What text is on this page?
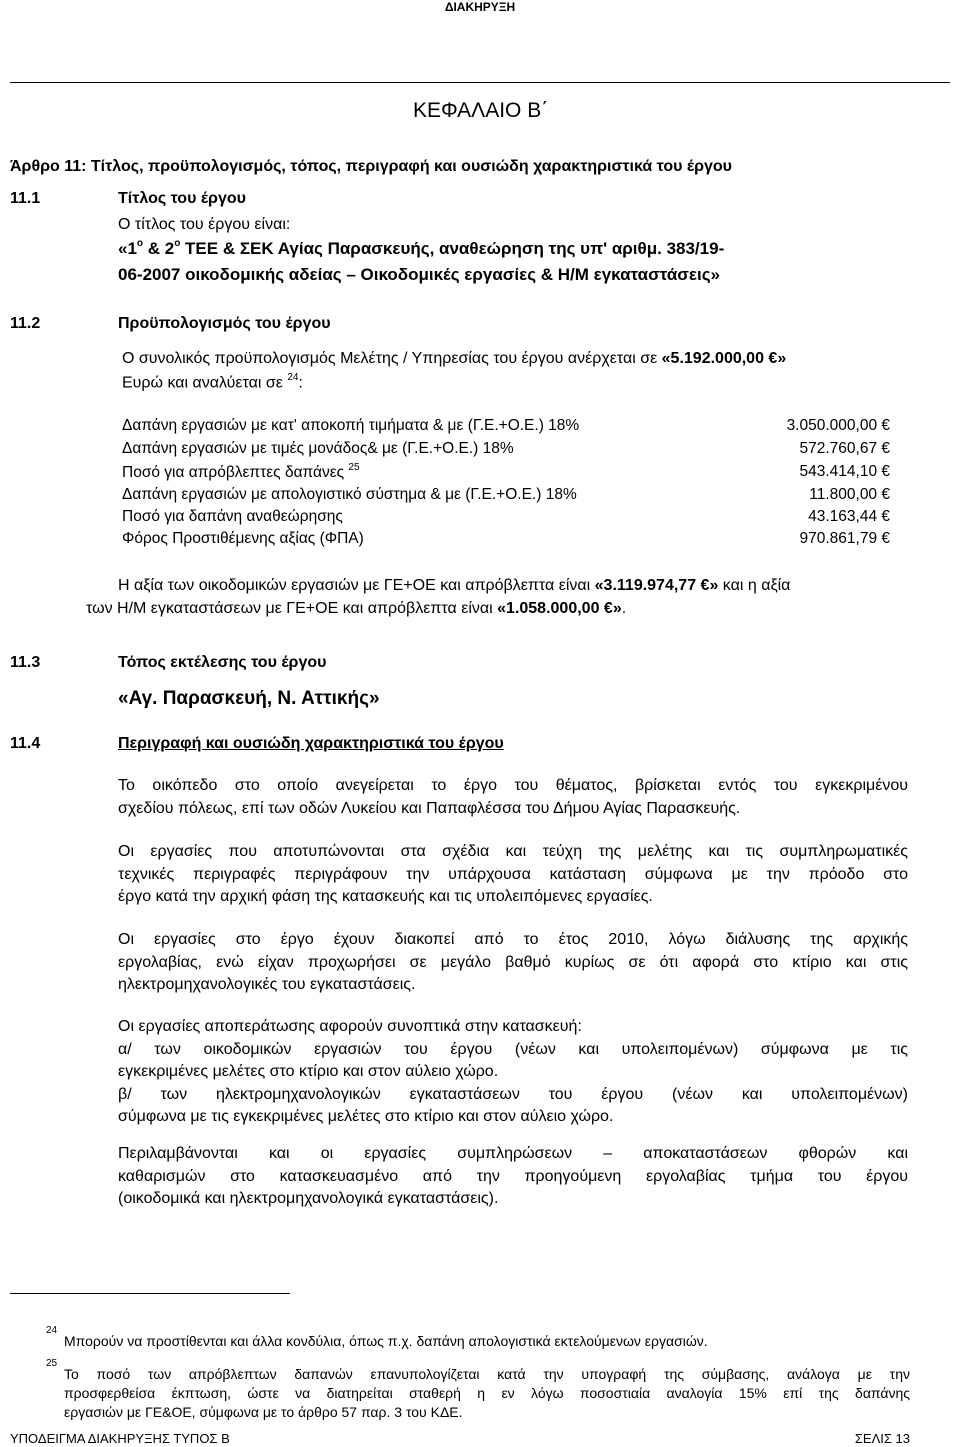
ΔΙΑΚΗΡΥΞΗ
ΚΕΦΑΛΑΙΟ Β΄
Άρθρο 11: Τίτλος, προϋπολογισμός, τόπος, περιγραφή και ουσιώδη χαρακτηριστικά του έργου
11.1	Τίτλος του έργου
Ο τίτλος του έργου είναι:
«$1^o$ & $2^o$ ΤΕΕ & ΣΕΚ Αγίας Παρασκευής, αναθεώρηση της υπ' αριθμ. 383/19-
06-2007 οικοδομικής αδείας – Οικοδομικές εργασίες & Η/Μ εγκαταστάσεις»
11.2	Προϋπολογισμός του έργου
Ο συνολικός προϋπολογισμός Μελέτης / Υπηρεσίας του έργου ανέρχεται σε «5.192.000,00 €»
Ευρώ και αναλύεται σε $^{24}$:
Δαπάνη εργασιών με κατ' αποκοπή τιμήματα & με (Γ.Ε.+Ο.Ε.) 18%	3.050.000,00 €
Δαπάνη εργασιών με τιμές μονάδος& με (Γ.Ε.+Ο.Ε.) 18%	572.760,67 €
Ποσό για απρόβλεπτες δαπάνες $^{25}$	543.414,10 €
Δαπάνη εργασιών με απολογιστικό σύστημα & με (Γ.Ε.+Ο.Ε.) 18%	11.800,00 €
Ποσό για δαπάνη αναθεώρησης	43.163,44 €
Φόρος Προστιθέμενης αξίας (ΦΠΑ)	970.861,79 €
Η αξία των οικοδομικών εργασιών με ΓΕ+ΟΕ και απρόβλεπτα είναι «3.119.974,77 €» και η αξία
των Η/Μ εγκαταστάσεων με ΓΕ+ΟΕ και απρόβλεπτα είναι «1.058.000,00 €».
11.3	Τόπος εκτέλεσης του έργου
«Αγ. Παρασκευή, Ν. Αττικής»
11.4	Περιγραφή και ουσιώδη χαρακτηριστικά του έργου
Το οικόπεδο στο οποίο ανεγείρεται το έργο του θέματος, βρίσκεται εντός του εγκεκριμένου
σχεδίου πόλεως, επί των οδών Λυκείου και Παπαφλέσσα του Δήμου Αγίας Παρασκευής.
Οι εργασίες που αποτυπώνονται στα σχέδια και τεύχη της μελέτης και τις συμπληρωματικές
τεχνικές περιγραφές περιγράφουν την υπάρχουσα κατάσταση σύμφωνα με την πρόοδο στο
έργο κατά την αρχική φάση της κατασκευής και τις υπολειπόμενες εργασίες.
Οι εργασίες στο έργο έχουν διακοπεί από το έτος 2010, λόγω διάλυσης της αρχικής
εργολαβίας, ενώ είχαν προχωρήσει σε μεγάλο βαθμό κυρίως σε ότι αφορά στο κτίριο και στις
ηλεκτρομηχανολογικές του εγκαταστάσεις.
Οι εργασίες αποπεράτωσης αφορούν συνοπτικά στην κατασκευή:
α/ των οικοδομικών εργασιών του έργου (νέων και υπολειπομένων) σύμφωνα με τις
εγκεκριμένες μελέτες στο κτίριο και στον αύλειο χώρο.
β/ των ηλεκτρομηχανολογικών εγκαταστάσεων του έργου (νέων και υπολειπομένων)
σύμφωνα με τις εγκεκριμένες μελέτες στο κτίριο και στον αύλειο χώρο.
Περιλαμβάνονται και οι εργασίες συμπληρώσεων – αποκαταστάσεων φθορών και
καθαρισμών στο κατασκευασμένο από την προηγούμενη εργολαβίας τμήμα του έργου
(οικοδομικά και ηλεκτρομηχανολογικά εγκαταστάσεις).
24
Μπορούν να προστίθενται και άλλα κονδύλια, όπως π.χ. δαπάνη απολογιστικά εκτελούμενων εργασιών.
25
Το ποσό των απρόβλεπτων δαπανών επανυπολογίζεται κατά την υπογραφή της σύμβασης, ανάλογα με την
προσφερθείσα έκπτωση, ώστε να διατηρείται σταθερή η εν λόγω ποσοστιαία αναλογία 15% επί της δαπάνης
εργασιών με ΓΕ&ΟΕ, σύμφωνα με το άρθρο 57 παρ. 3 του ΚΔΕ.
ΥΠΟΔΕΙΓΜΑ ΔΙΑΚΗΡΥΞΗΣ ΤΥΠΟΣ Β	ΣΕΛΙΣ 13
